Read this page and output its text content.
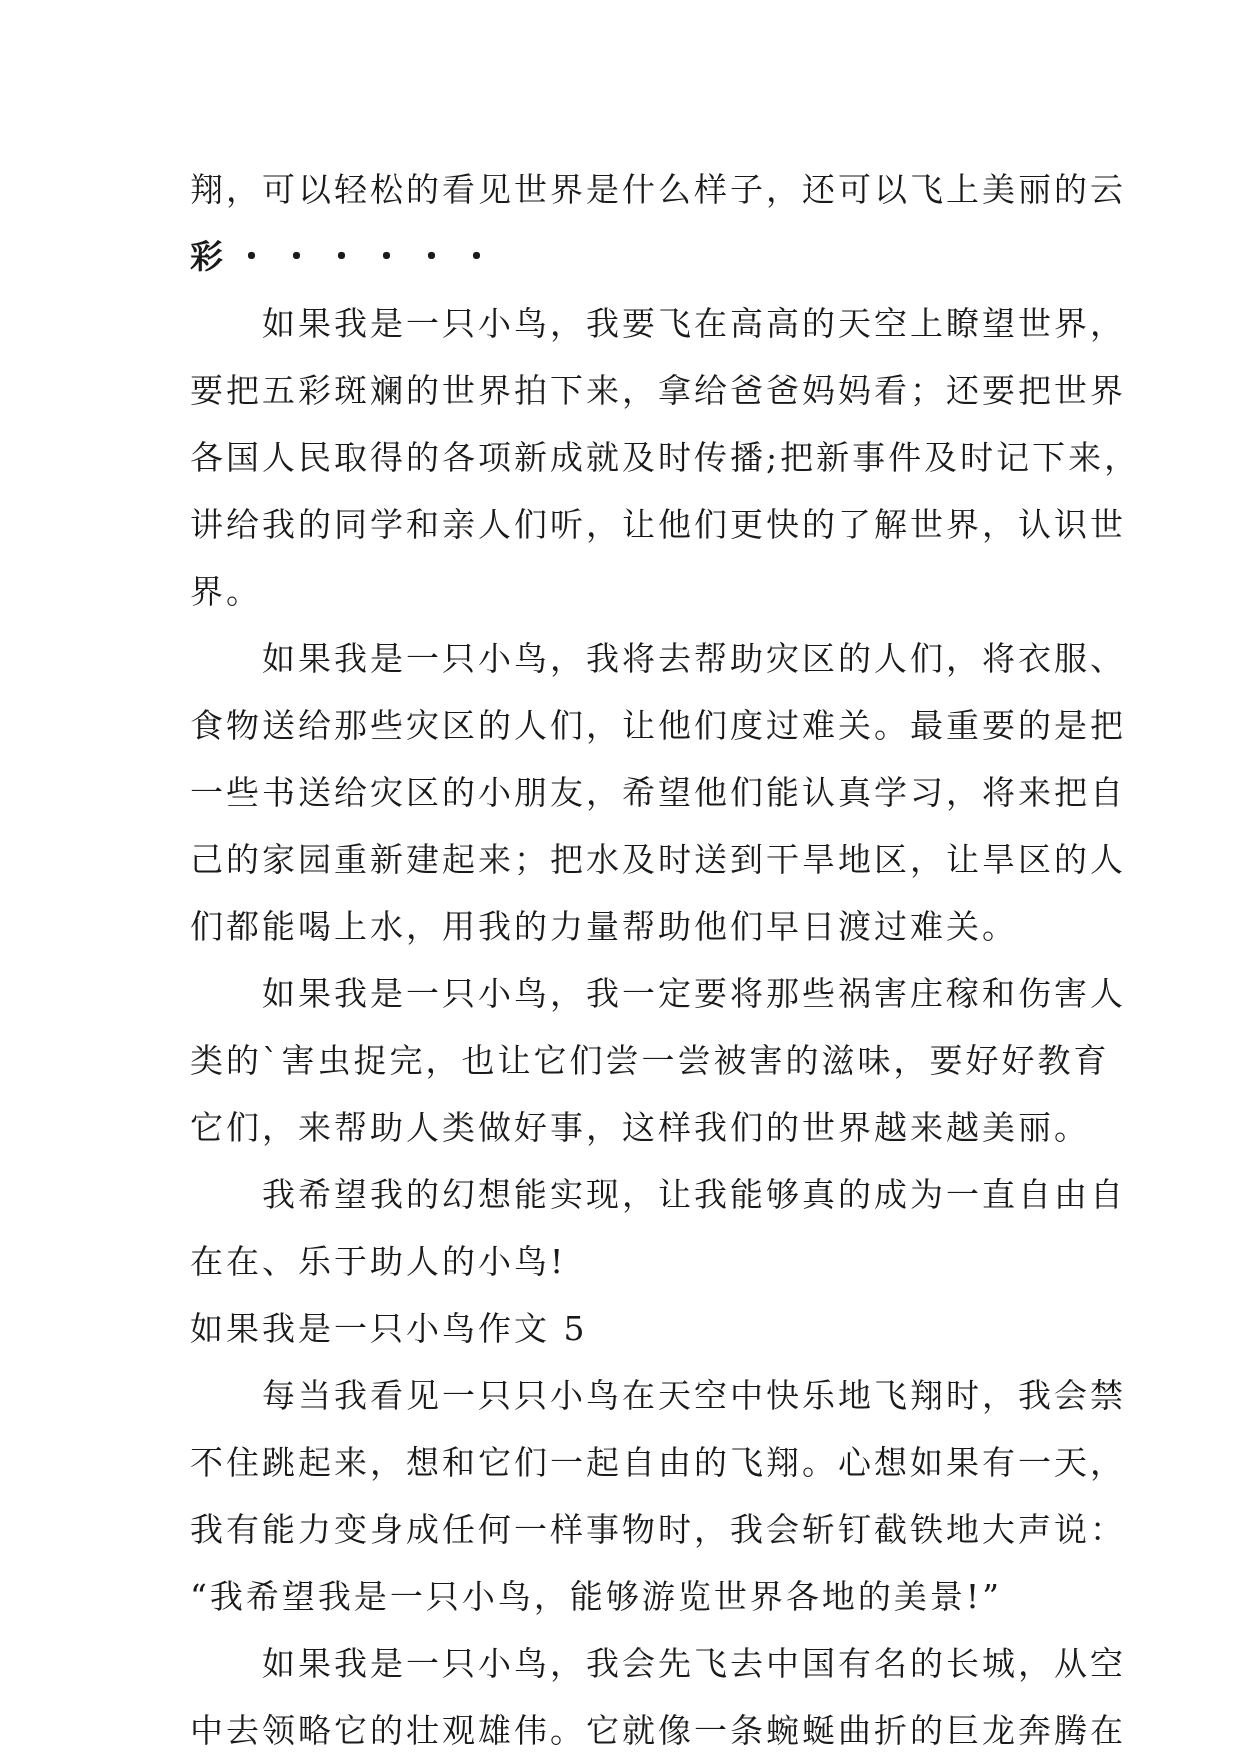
翔，可以轻松的看见世界是什么样子，还可以飞上美丽的云
彩・・・・・・
　　如果我是一只小鸟，我要飞在高高的天空上瞭望世界，
要把五彩斑斓的世界拍下来，拿给爸爸妈妈看；还要把世界
各国人民取得的各项新成就及时传播;把新事件及时记下来，
讲给我的同学和亲人们听，让他们更快的了解世界，认识世
界。
　　如果我是一只小鸟，我将去帮助灾区的人们，将衣服、
食物送给那些灾区的人们，让他们度过难关。最重要的是把
一些书送给灾区的小朋友，希望他们能认真学习，将来把自
己的家园重新建起来；把水及时送到干旱地区，让旱区的人
们都能喝上水，用我的力量帮助他们早日渡过难关。
　　如果我是一只小鸟，我一定要将那些祸害庄稼和伤害人
类的`害虫捉完，也让它们尝一尝被害的滋味，要好好教育
它们，来帮助人类做好事，这样我们的世界越来越美丽。
　　我希望我的幻想能实现，让我能够真的成为一直自由自
在在、乐于助人的小鸟!
如果我是一只小鸟作文 5
　　每当我看见一只只小鸟在天空中快乐地飞翔时，我会禁
不住跳起来，想和它们一起自由的飞翔。心想如果有一天，
我有能力变身成任何一样事物时，我会斩钉截铁地大声说：
“我希望我是一只小鸟，能够游览世界各地的美景!”
　　如果我是一只小鸟，我会先飞去中国有名的长城，从空
中去领略它的壮观雄伟。它就像一条蜿蜒曲折的巨龙奔腾在
